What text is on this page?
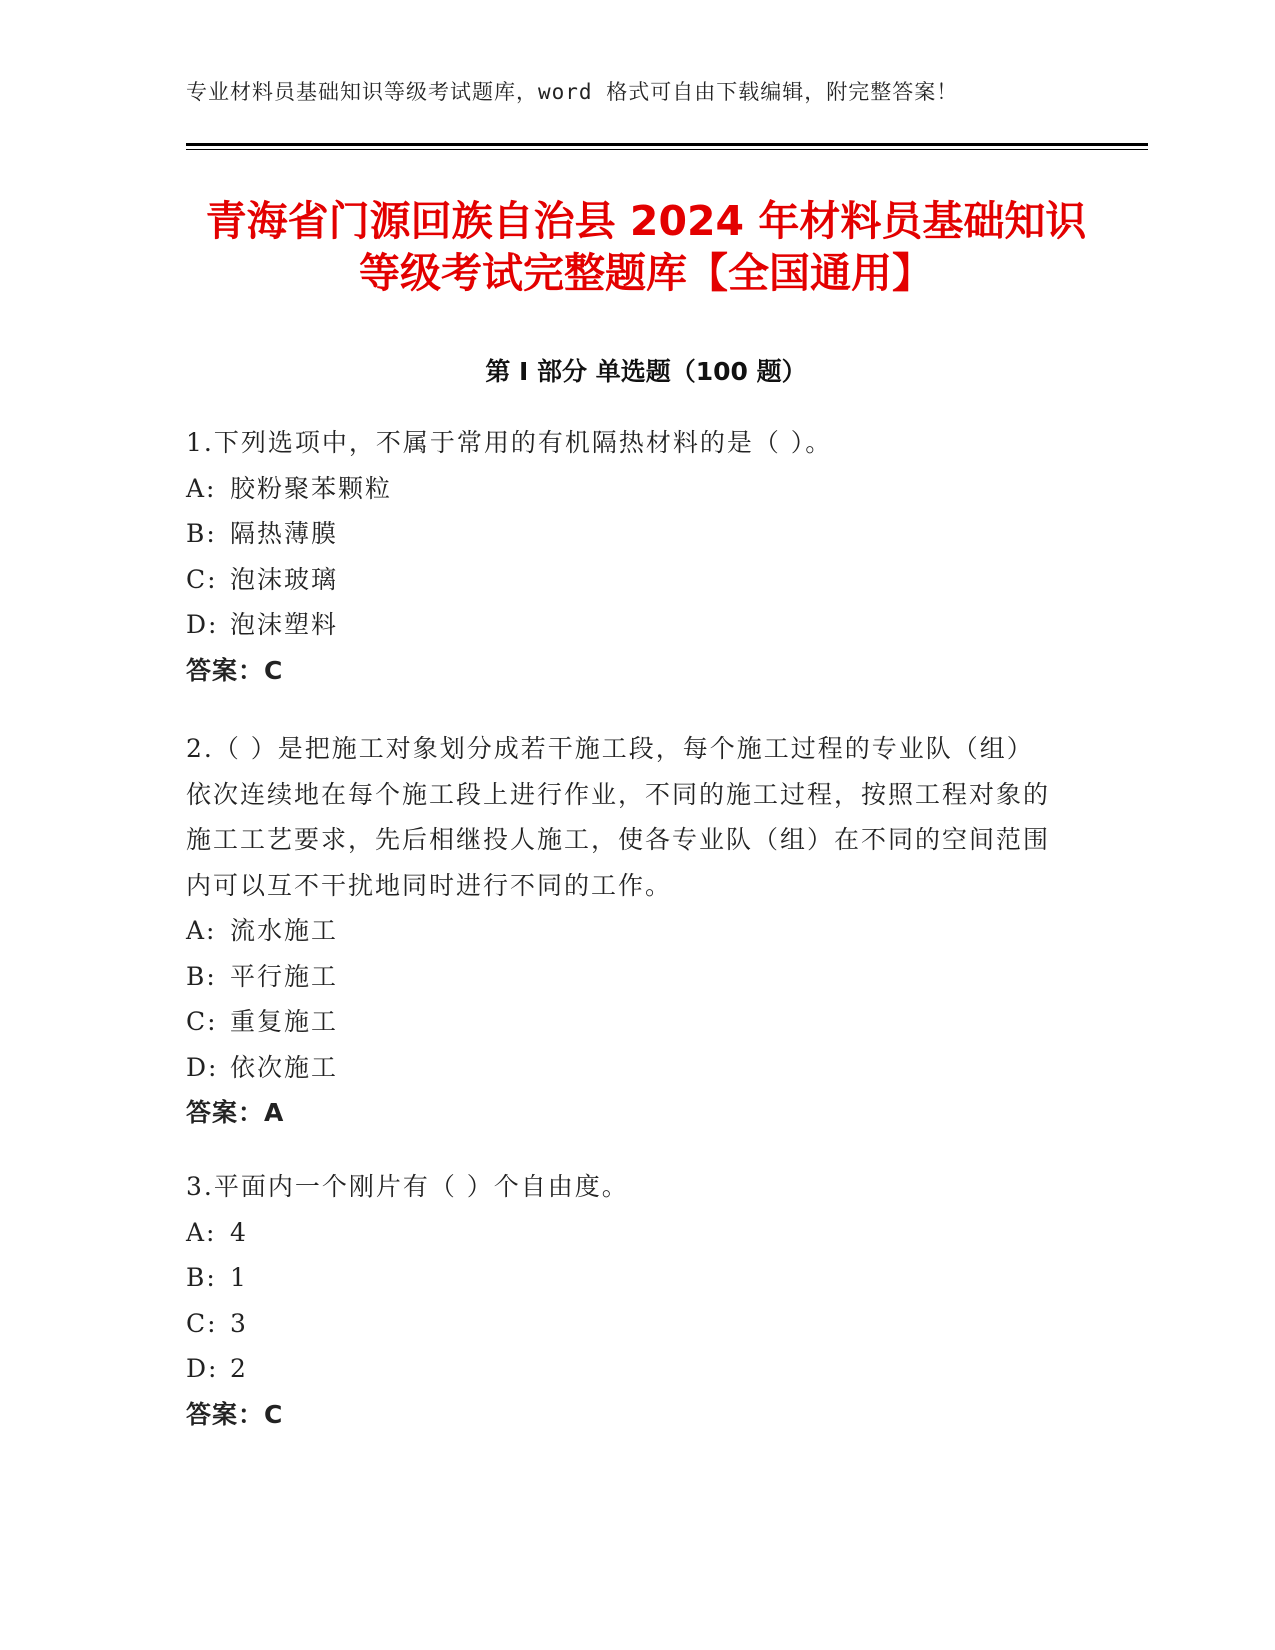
专业材料员基础知识等级考试题库，word 格式可自由下载编辑，附完整答案！
青海省门源回族自治县 2024 年材料员基础知识等级考试完整题库【全国通用】
第 I 部分 单选题（100 题）

1.下列选项中，不属于常用的有机隔热材料的是（ ）。

A: 胶粉聚苯颗粒

B: 隔热薄膜

C: 泡沫玻璃

D: 泡沫塑料

答案：C

2.（ ）是把施工对象划分成若干施工段，每个施工过程的专业队（组）依次连续地在每个施工段上进行作业，不同的施工过程，按照工程对象的施工工艺要求，先后相继投人施工，使各专业队（组）在不同的空间范围内可以互不干扰地同时进行不同的工作。

A: 流水施工

B: 平行施工

C: 重复施工

D: 依次施工

答案：A

3.平面内一个刚片有（ ）个自由度。

A: 4

B: 1

C: 3

D: 2

答案：C
